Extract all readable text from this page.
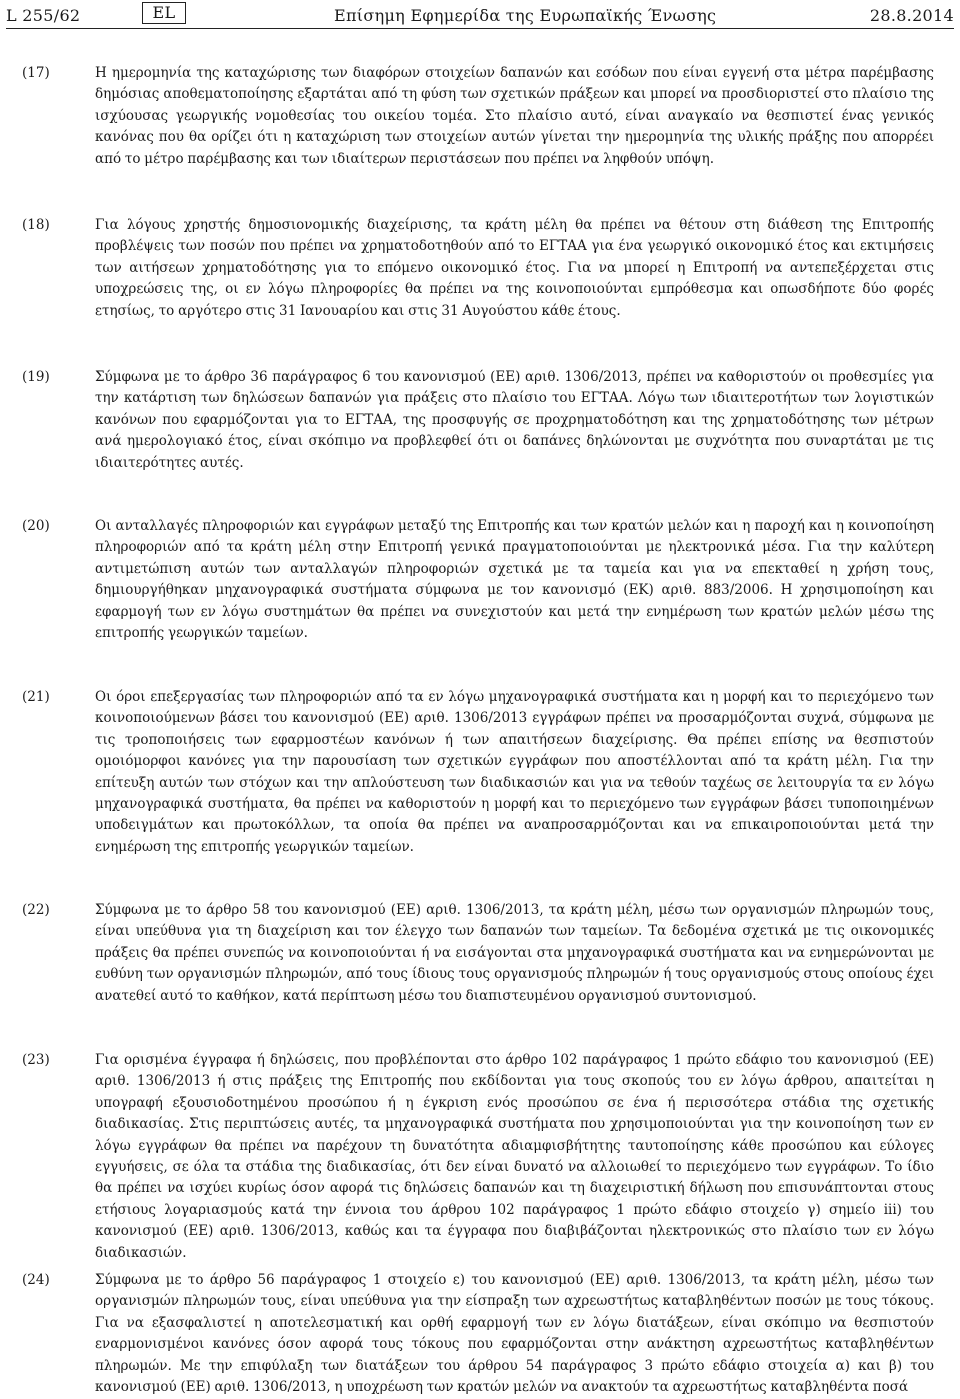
L 255/62	EL	Επίσημη Εφημερίδα της Ευρωπαϊκής Ένωσης	28.8.2014
(17)	Η ημερομηνία της καταχώρισης των διαφόρων στοιχείων δαπανών και εσόδων που είναι εγγενή στα μέτρα παρέμβασης δημόσιας αποθεματοποίησης εξαρτάται από τη φύση των σχετικών πράξεων και μπορεί να προσδιοριστεί στο πλαίσιο της ισχύουσας γεωργικής νομοθεσίας του οικείου τομέα. Στο πλαίσιο αυτό, είναι αναγκαίο να θεσπιστεί ένας γενικός κανόνας που θα ορίζει ότι η καταχώριση των στοιχείων αυτών γίνεται την ημερομηνία της υλικής πράξης που απορρέει από το μέτρο παρέμβασης και των ιδιαίτερων περιστάσεων που πρέπει να ληφθούν υπόψη.
(18)	Για λόγους χρηστής δημοσιονομικής διαχείρισης, τα κράτη μέλη θα πρέπει να θέτουν στη διάθεση της Επιτροπής προβλέψεις των ποσών που πρέπει να χρηματοδοτηθούν από το ΕΓΤΑΑ για ένα γεωργικό οικονομικό έτος και εκτιμήσεις των αιτήσεων χρηματοδότησης για το επόμενο οικονομικό έτος. Για να μπορεί η Επιτροπή να αντεπεξέρχεται στις υποχρεώσεις της, οι εν λόγω πληροφορίες θα πρέπει να της κοινοποιούνται εμπρόθεσμα και οπωσδήποτε δύο φορές ετησίως, το αργότερο στις 31 Ιανουαρίου και στις 31 Αυγούστου κάθε έτους.
(19)	Σύμφωνα με το άρθρο 36 παράγραφος 6 του κανονισμού (ΕΕ) αριθ. 1306/2013, πρέπει να καθοριστούν οι προθεσμίες για την κατάρτιση των δηλώσεων δαπανών για πράξεις στο πλαίσιο του ΕΓΤΑΑ. Λόγω των ιδιαιτεροτήτων των λογιστικών κανόνων που εφαρμόζονται για το ΕΓΤΑΑ, της προσφυγής σε προχρηματοδότηση και της χρηματοδότησης των μέτρων ανά ημερολογιακό έτος, είναι σκόπιμο να προβλεφθεί ότι οι δαπάνες δηλώνονται με συχνότητα που συναρτάται με τις ιδιαιτερότητες αυτές.
(20)	Οι ανταλλαγές πληροφοριών και εγγράφων μεταξύ της Επιτροπής και των κρατών μελών και η παροχή και η κοινοποίηση πληροφοριών από τα κράτη μέλη στην Επιτροπή γενικά πραγματοποιούνται με ηλεκτρονικά μέσα. Για την καλύτερη αντιμετώπιση αυτών των ανταλλαγών πληροφοριών σχετικά με τα ταμεία και για να επεκταθεί η χρήση τους, δημιουργήθηκαν μηχανογραφικά συστήματα σύμφωνα με τον κανονισμό (ΕΚ) αριθ. 883/2006. Η χρησιμοποίηση και εφαρμογή των εν λόγω συστημάτων θα πρέπει να συνεχιστούν και μετά την ενημέρωση των κρατών μελών μέσω της επιτροπής γεωργικών ταμείων.
(21)	Οι όροι επεξεργασίας των πληροφοριών από τα εν λόγω μηχανογραφικά συστήματα και η μορφή και το περιεχόμενο των κοινοποιούμενων βάσει του κανονισμού (ΕΕ) αριθ. 1306/2013 εγγράφων πρέπει να προσαρμόζονται συχνά, σύμφωνα με τις τροποποιήσεις των εφαρμοστέων κανόνων ή των απαιτήσεων διαχείρισης. Θα πρέπει επίσης να θεσπιστούν ομοιόμορφοι κανόνες για την παρουσίαση των σχετικών εγγράφων που αποστέλλονται από τα κράτη μέλη. Για την επίτευξη αυτών των στόχων και την απλούστευση των διαδικασιών και για να τεθούν ταχέως σε λειτουργία τα εν λόγω μηχανογραφικά συστήματα, θα πρέπει να καθοριστούν η μορφή και το περιεχόμενο των εγγράφων βάσει τυποποιημένων υποδειγμάτων και πρωτοκόλλων, τα οποία θα πρέπει να αναπροσαρμόζονται και να επικαιροποιούνται μετά την ενημέρωση της επιτροπής γεωργικών ταμείων.
(22)	Σύμφωνα με το άρθρο 58 του κανονισμού (ΕΕ) αριθ. 1306/2013, τα κράτη μέλη, μέσω των οργανισμών πληρωμών τους, είναι υπεύθυνα για τη διαχείριση και τον έλεγχο των δαπανών των ταμείων. Τα δεδομένα σχετικά με τις οικονομικές πράξεις θα πρέπει συνεπώς να κοινοποιούνται ή να εισάγονται στα μηχανογραφικά συστήματα και να ενημερώνονται με ευθύνη των οργανισμών πληρωμών, από τους ίδιους τους οργανισμούς πληρωμών ή τους οργανισμούς στους οποίους έχει ανατεθεί αυτό το καθήκον, κατά περίπτωση μέσω του διαπιστευμένου οργανισμού συντονισμού.
(23)	Για ορισμένα έγγραφα ή δηλώσεις, που προβλέπονται στο άρθρο 102 παράγραφος 1 πρώτο εδάφιο του κανονισμού (ΕΕ) αριθ. 1306/2013 ή στις πράξεις της Επιτροπής που εκδίδονται για τους σκοπούς του εν λόγω άρθρου, απαιτείται η υπογραφή εξουσιοδοτημένου προσώπου ή η έγκριση ενός προσώπου σε ένα ή περισσότερα στάδια της σχετικής διαδικασίας. Στις περιπτώσεις αυτές, τα μηχανογραφικά συστήματα που χρησιμοποιούνται για την κοινοποίηση των εν λόγω εγγράφων θα πρέπει να παρέχουν τη δυνατότητα αδιαμφισβήτητης ταυτοποίησης κάθε προσώπου και εύλογες εγγυήσεις, σε όλα τα στάδια της διαδικασίας, ότι δεν είναι δυνατό να αλλοιωθεί το περιεχόμενο των εγγράφων. Το ίδιο θα πρέπει να ισχύει κυρίως όσον αφορά τις δηλώσεις δαπανών και τη διαχειριστική δήλωση που επισυνάπτονται στους ετήσιους λογαριασμούς κατά την έννοια του άρθρου 102 παράγραφος 1 πρώτο εδάφιο στοιχείο γ) σημείο iii) του κανονισμού (ΕΕ) αριθ. 1306/2013, καθώς και τα έγγραφα που διαβιβάζονται ηλεκτρονικώς στο πλαίσιο των εν λόγω διαδικασιών.
(24)	Σύμφωνα με το άρθρο 56 παράγραφος 1 στοιχείο ε) του κανονισμού (ΕΕ) αριθ. 1306/2013, τα κράτη μέλη, μέσω των οργανισμών πληρωμών τους, είναι υπεύθυνα για την είσπραξη των αχρεωστήτως καταβληθέντων ποσών με τους τόκους. Για να εξασφαλιστεί η αποτελεσματική και ορθή εφαρμογή των εν λόγω διατάξεων, είναι σκόπιμο να θεσπιστούν εναρμονισμένοι κανόνες όσον αφορά τους τόκους που εφαρμόζονται στην ανάκτηση αχρεωστήτως καταβληθέντων πληρωμών. Με την επιφύλαξη των διατάξεων του άρθρου 54 παράγραφος 3 πρώτο εδάφιο στοιχεία α) και β) του κανονισμού (ΕΕ) αριθ. 1306/2013, η υποχρέωση των κρατών μελών να ανακτούν τα αχρεωστήτως καταβληθέντα ποσά
